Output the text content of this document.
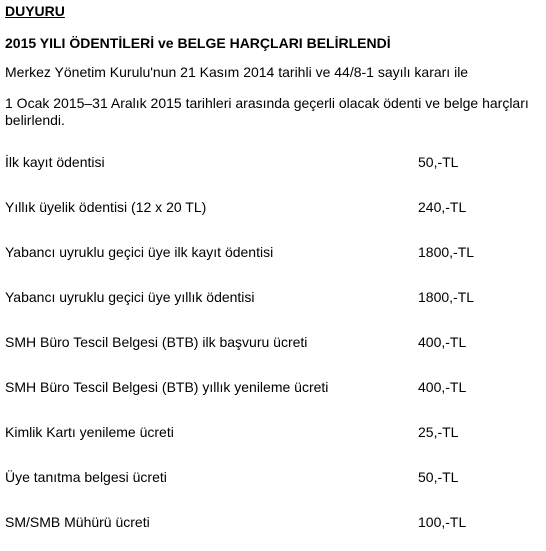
DUYURU
2015 YILI ÖDENTİLERİ ve BELGE HARÇLARI BELİRLENDİ
Merkez Yönetim Kurulu'nun 21 Kasım 2014 tarihli ve 44/8-1 sayılı kararı ile
1 Ocak 2015–31 Aralık 2015 tarihleri arasında geçerli olacak ödenti ve belge harçları belirlendi.
İlk kayıt ödentisi	50,-TL
Yıllık üyelik ödentisi (12 x 20 TL)	240,-TL
Yabancı uyruklu geçici üye ilk kayıt ödentisi	1800,-TL
Yabancı uyruklu geçici üye yıllık ödentisi	1800,-TL
SMH Büro Tescil Belgesi (BTB) ilk başvuru ücreti	400,-TL
SMH Büro Tescil Belgesi (BTB) yıllık yenileme ücreti	400,-TL
Kimlik Kartı yenileme ücreti	25,-TL
Üye tanıtma belgesi ücreti	50,-TL
SM/SMB Mühürü ücreti	100,-TL
